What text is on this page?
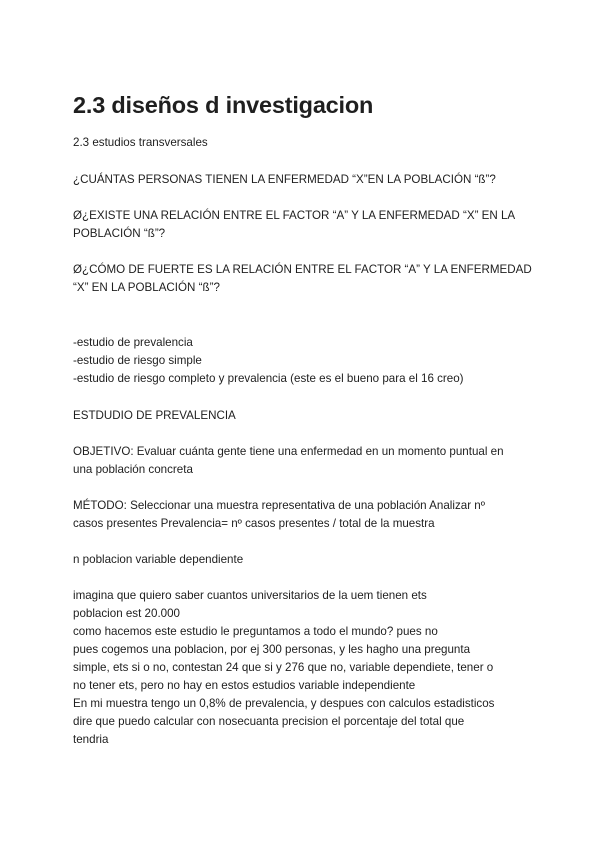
2.3 diseños d investigacion

2.3 estudios transversales

¿CUÁNTAS PERSONAS TIENEN LA ENFERMEDAD “X”EN LA POBLACIÓN “ß”?

Ø¿EXISTE UNA RELACIÓN ENTRE EL FACTOR “A” Y LA ENFERMEDAD “X” EN LA
POBLACIÓN “ß”?

Ø¿CÓMO DE FUERTE ES LA RELACIÓN ENTRE EL FACTOR “A” Y LA ENFERMEDAD
“X” EN LA POBLACIÓN “ß”?

-estudio de prevalencia
-estudio de riesgo simple
-estudio de riesgo completo y prevalencia (este es el bueno para el 16 creo)

ESTDUDIO DE PREVALENCIA

OBJETIVO: Evaluar cuánta gente tiene una enfermedad en un momento puntual en
una población concreta

MÉTODO: Seleccionar una muestra representativa de una población Analizar nº
casos presentes Prevalencia= nº casos presentes / total de la muestra

n poblacion variable dependiente

imagina que quiero saber cuantos universitarios de la uem tienen ets
poblacion est 20.000
como hacemos este estudio le preguntamos a todo el mundo? pues no
pues cogemos una poblacion, por ej 300 personas, y les hagho una pregunta
simple, ets si o no, contestan 24 que si y 276 que no, variable dependiete, tener o
no tener ets, pero no hay en estos estudios variable independiente
En mi muestra tengo un 0,8% de prevalencia, y despues con calculos estadisticos
dire que puedo calcular con nosecuanta precision el porcentaje del total que
tendria
